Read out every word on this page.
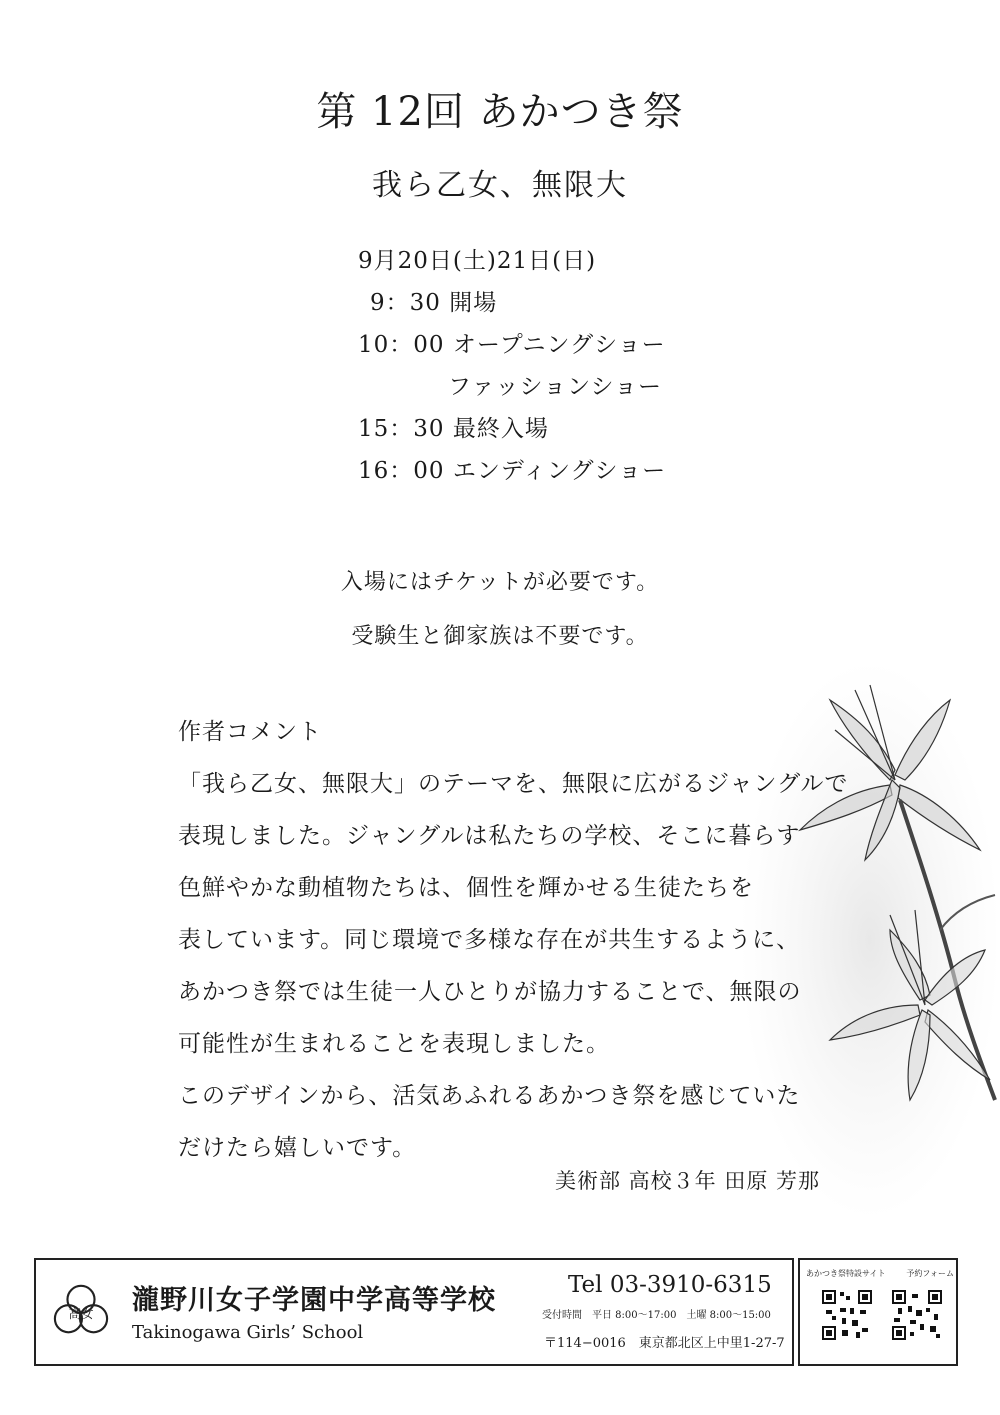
第 12回 あかつき祭
我ら乙女、無限大
9月20日(土)21日(日)
9：30 開場
10：00 オープニングショー
ファッションショー
15：30 最終入場
16：00 エンディングショー
入場にはチケットが必要です。
受験生と御家族は不要です。
作者コメント
「我ら乙女、無限大」のテーマを、無限に広がるジャングルで
表現しました。ジャングルは私たちの学校、そこに暮らす
色鮮やかな動植物たちは、個性を輝かせる生徒たちを
表しています。同じ環境で多様な存在が共生するように、
あかつき祭では生徒一人ひとりが協力することで、無限の
可能性が生まれることを表現しました。
このデザインから、活気あふれるあかつき祭を感じていた
だけたら嬉しいです。
美術部 高校３年 田原 芳那
高女 瀧野川女子学園中学高等学校
Takinogawa Girls’ School
Tel 03-3910-6315
受付時間　平日 8:00〜17:00　土曜 8:00〜15:00
〒114−0016　東京都北区上中里1-27-7
あかつき祭特設サイト	予約フォーム
